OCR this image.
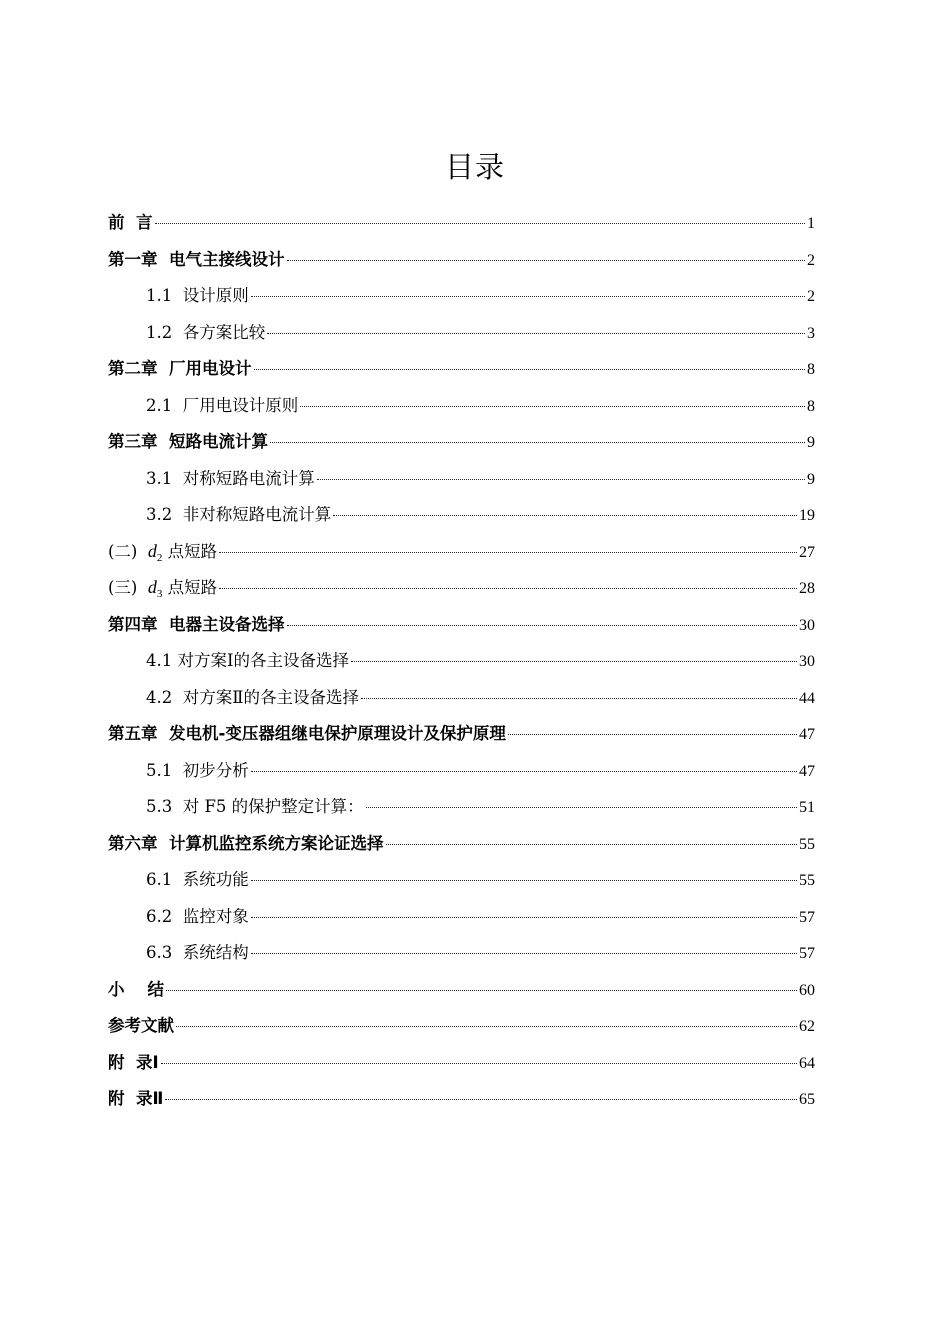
目录
前  言	1
第一章  电气主接线设计	2
1.1  设计原则	2
1.2  各方案比较	3
第二章  厂用电设计	8
2.1  厂用电设计原则	8
第三章  短路电流计算	9
3.1  对称短路电流计算	9
3.2  非对称短路电流计算	19
(二) $d_2$ 点短路	27
(三) $d_3$ 点短路	28
第四章  电器主设备选择	30
4.1 对方案Ⅰ的各主设备选择	30
4.2  对方案Ⅱ的各主设备选择	44
第五章  发电机-变压器组继电保护原理设计及保护原理	47
5.1  初步分析	47
5.3  对 F5 的保护整定计算：	51
第六章  计算机监控系统方案论证选择	55
6.1  系统功能	55
6.2  监控对象	57
6.3  系统结构	57
小    结	60
参考文献	62
附  录Ⅰ	64
附  录Ⅱ	65
